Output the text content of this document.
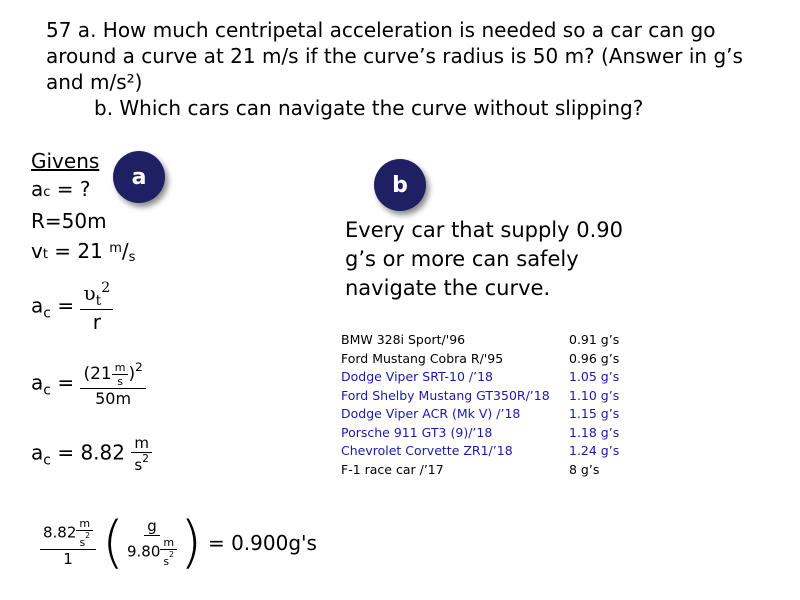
57 a. How much centripetal acceleration is needed so a car can go around a curve at 21 m/s if the curve’s radius is 50 m? (Answer in g’s and m/s²)
b. Which cars can navigate the curve without slipping?
Givens
ac = ?
R=50m
vt = 21 $^m$/s
a	b
Every car that supply 0.90 g’s or more can safely navigate the curve.
$a_c = \frac{\upsilon_t^2}{r}$
$a_c = \frac{(21 \frac{m}{s} )^2}{50m}$
$a_c = 8.82 \frac{m}{s^2}$
$\frac{8.82 \frac{m}{s^2}}{1}$ ( $\frac{g}{9.80 \frac{m}{s^2}}$ ) = 0.900g's
BMW 328i Sport/'96	0.91 g’s
Ford Mustang Cobra R/'95	0.96 g’s
Dodge Viper SRT-10 /’18	1.05 g’s
Ford Shelby Mustang GT350R/’18	1.10 g’s
Dodge Viper ACR (Mk V) /’18	1.15 g’s
Porsche 911 GT3 (9)/’18	1.18 g’s
Chevrolet Corvette ZR1/’18	1.24 g’s
F-1 race car /’17	8 g’s
